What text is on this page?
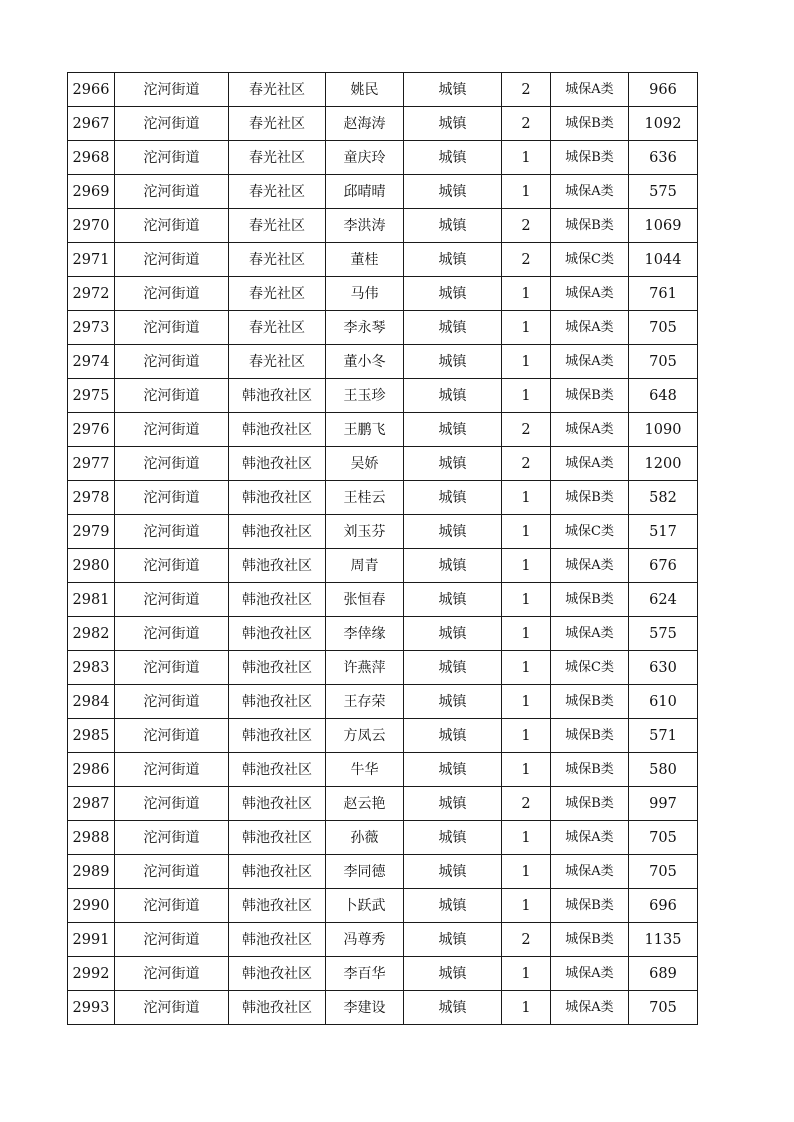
2966	沱河街道	春光社区	姚民	城镇	2	城保A类	966
2967	沱河街道	春光社区	赵海涛	城镇	2	城保B类	1092
2968	沱河街道	春光社区	童庆玲	城镇	1	城保B类	636
2969	沱河街道	春光社区	邱晴晴	城镇	1	城保A类	575
2970	沱河街道	春光社区	李洪涛	城镇	2	城保B类	1069
2971	沱河街道	春光社区	董桂	城镇	2	城保C类	1044
2972	沱河街道	春光社区	马伟	城镇	1	城保A类	761
2973	沱河街道	春光社区	李永琴	城镇	1	城保A类	705
2974	沱河街道	春光社区	董小冬	城镇	1	城保A类	705
2975	沱河街道	韩池孜社区	王玉珍	城镇	1	城保B类	648
2976	沱河街道	韩池孜社区	王鹏飞	城镇	2	城保A类	1090
2977	沱河街道	韩池孜社区	吴娇	城镇	2	城保A类	1200
2978	沱河街道	韩池孜社区	王桂云	城镇	1	城保B类	582
2979	沱河街道	韩池孜社区	刘玉芬	城镇	1	城保C类	517
2980	沱河街道	韩池孜社区	周青	城镇	1	城保A类	676
2981	沱河街道	韩池孜社区	张恒春	城镇	1	城保B类	624
2982	沱河街道	韩池孜社区	李倖缘	城镇	1	城保A类	575
2983	沱河街道	韩池孜社区	许燕萍	城镇	1	城保C类	630
2984	沱河街道	韩池孜社区	王存荣	城镇	1	城保B类	610
2985	沱河街道	韩池孜社区	方凤云	城镇	1	城保B类	571
2986	沱河街道	韩池孜社区	牛华	城镇	1	城保B类	580
2987	沱河街道	韩池孜社区	赵云艳	城镇	2	城保B类	997
2988	沱河街道	韩池孜社区	孙薇	城镇	1	城保A类	705
2989	沱河街道	韩池孜社区	李同德	城镇	1	城保A类	705
2990	沱河街道	韩池孜社区	卜跃武	城镇	1	城保B类	696
2991	沱河街道	韩池孜社区	冯尊秀	城镇	2	城保B类	1135
2992	沱河街道	韩池孜社区	李百华	城镇	1	城保A类	689
2993	沱河街道	韩池孜社区	李建设	城镇	1	城保A类	705
